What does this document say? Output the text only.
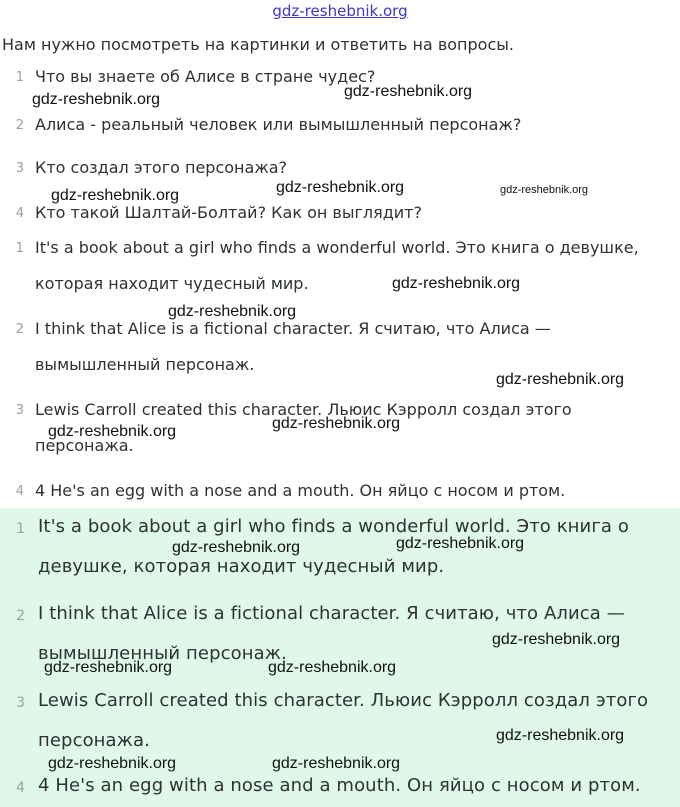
gdz-reshebnik.org
Нам нужно посмотреть на картинки и ответить на вопросы.
1 Что вы знаете об Алисе в стране чудес?
2 Алиса - реальный человек или вымышленный персонаж?
3 Кто создал этого персонажа?
4 Кто такой Шалтай-Болтай? Как он выглядит?
1 It's a book about a girl who finds a wonderful world. Это книга о девушке,
которая находит чудесный мир.
2 I think that Alice is a fictional character. Я считаю, что Алиса —
вымышленный персонаж.
3 Lewis Carroll created this character. Льюис Кэрролл создал этого
персонажа.
4 4 He's an egg with a nose and a mouth. Он яйцо с носом и ртом.
1 It's a book about a girl who finds a wonderful world. Это книга о
девушке, которая находит чудесный мир.
2 I think that Alice is a fictional character. Я считаю, что Алиса —
вымышленный персонаж.
3 Lewis Carroll created this character. Льюис Кэрролл создал этого
персонажа.
4 4 He's an egg with a nose and a mouth. Он яйцо с носом и ртом.
gdz-reshebnik.org	gdz-reshebnik.org
gdz-reshebnik.org	gdz-reshebnik.org	gdz-reshebnik.org
gdz-reshebnik.org
gdz-reshebnik.org
gdz-reshebnik.org
gdz-reshebnik.org
gdz-reshebnik.org
gdz-reshebnik.org
gdz-reshebnik.org
gdz-reshebnik.org
gdz-reshebnik.org	gdz-reshebnik.org
gdz-reshebnik.org
gdz-reshebnik.org	gdz-reshebnik.org
